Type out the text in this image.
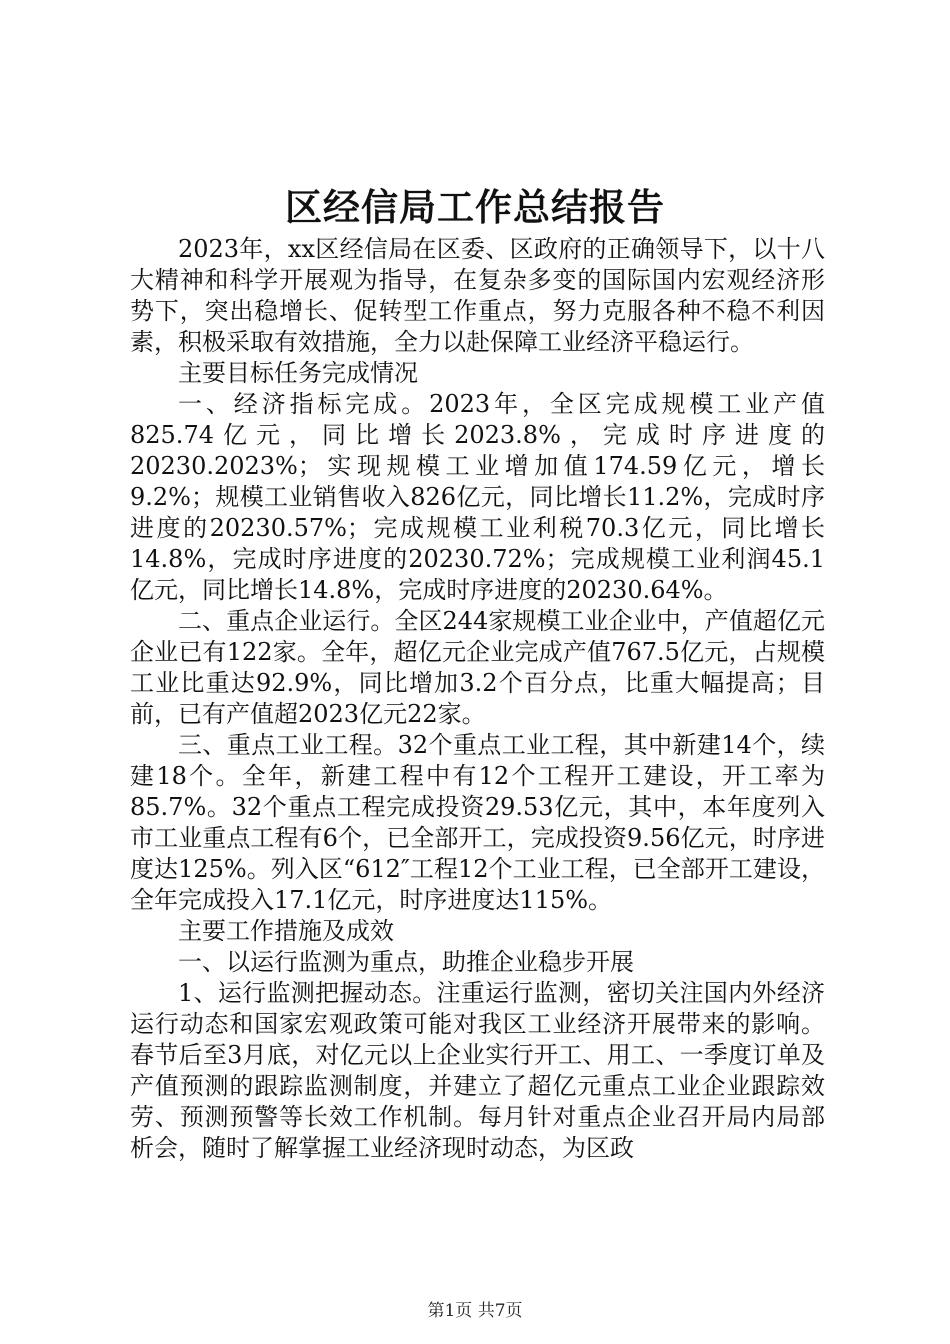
区经信局工作总结报告

2023年，xx区经信局在区委、区政府的正确领导下，以十八大精神和科学开展观为指导，在复杂多变的国际国内宏观经济形势下，突出稳增长、促转型工作重点，努力克服各种不稳不利因素，积极采取有效措施，全力以赴保障工业经济平稳运行。

主要目标任务完成情况

一、经济指标完成。2023年，全区完成规模工业产值825.74亿元，同比增长2023.8%，完成时序进度的20230.2023%；实现规模工业增加值174.59亿元，增长9.2%；规模工业销售收入826亿元，同比增长11.2%，完成时序进度的20230.57%；完成规模工业利税70.3亿元，同比增长14.8%，完成时序进度的20230.72%；完成规模工业利润45.1亿元，同比增长14.8%，完成时序进度的20230.64%。

二、重点企业运行。全区244家规模工业企业中，产值超亿元企业已有122家。全年，超亿元企业完成产值767.5亿元，占规模工业比重达92.9%，同比增加3.2个百分点，比重大幅提高；目前，已有产值超2023亿元22家。

三、重点工业工程。32个重点工业工程，其中新建14个，续建18个。全年，新建工程中有12个工程开工建设，开工率为85.7%。32个重点工程完成投资29.53亿元，其中，本年度列入市工业重点工程有6个，已全部开工，完成投资9.56亿元，时序进度达125%。列入区“612″工程12个工业工程，已全部开工建设，全年完成投入17.1亿元，时序进度达115%。

主要工作措施及成效

一、以运行监测为重点，助推企业稳步开展

1、运行监测把握动态。注重运行监测，密切关注国内外经济运行动态和国家宏观政策可能对我区工业经济开展带来的影响。春节后至3月底，对亿元以上企业实行开工、用工、一季度订单及产值预测的跟踪监测制度，并建立了超亿元重点工业企业跟踪效劳、预测预警等长效工作机制。每月针对重点企业召开局内局部析会，随时了解掌握工业经济现时动态，为区政

第1页 共7页
